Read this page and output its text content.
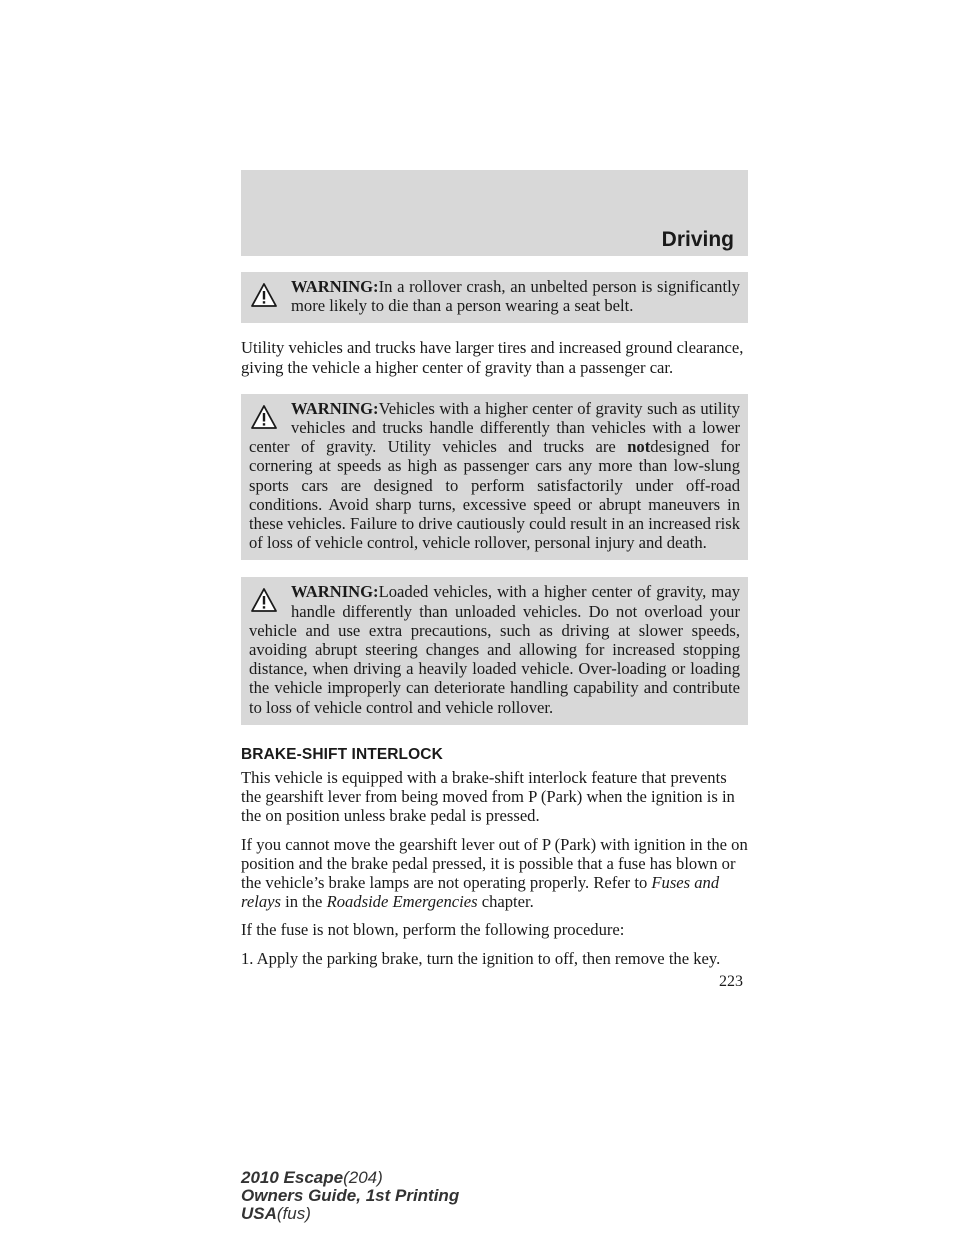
Driving

WARNING:In a rollover crash, an unbelted person is significantly more likely to die than a person wearing a seat belt.

Utility vehicles and trucks have larger tires and increased ground clearance, giving the vehicle a higher center of gravity than a passenger car.

WARNING:Vehicles with a higher center of gravity such as utility vehicles and trucks handle differently than vehicles with a lower center of gravity. Utility vehicles and trucks are notdesigned for cornering at speeds as high as passenger cars any more than low-slung sports cars are designed to perform satisfactorily under off-road conditions. Avoid sharp turns, excessive speed or abrupt maneuvers in these vehicles. Failure to drive cautiously could result in an increased risk of loss of vehicle control, vehicle rollover, personal injury and death.

WARNING:Loaded vehicles, with a higher center of gravity, may handle differently than unloaded vehicles. Do not overload your vehicle and use extra precautions, such as driving at slower speeds, avoiding abrupt steering changes and allowing for increased stopping distance, when driving a heavily loaded vehicle. Over-loading or loading the vehicle improperly can deteriorate handling capability and contribute to loss of vehicle control and vehicle rollover.

BRAKE-SHIFT INTERLOCK

This vehicle is equipped with a brake-shift interlock feature that prevents the gearshift lever from being moved from P (Park) when the ignition is in the on position unless brake pedal is pressed.

If you cannot move the gearshift lever out of P (Park) with ignition in the on position and the brake pedal pressed, it is possible that a fuse has blown or the vehicle’s brake lamps are not operating properly. Refer to Fuses and relays in the Roadside Emergencies chapter.

If the fuse is not blown, perform the following procedure:

1. Apply the parking brake, turn the ignition to off, then remove the key.

223
2010 Escape(204)
Owners Guide, 1st Printing
USA(fus)
